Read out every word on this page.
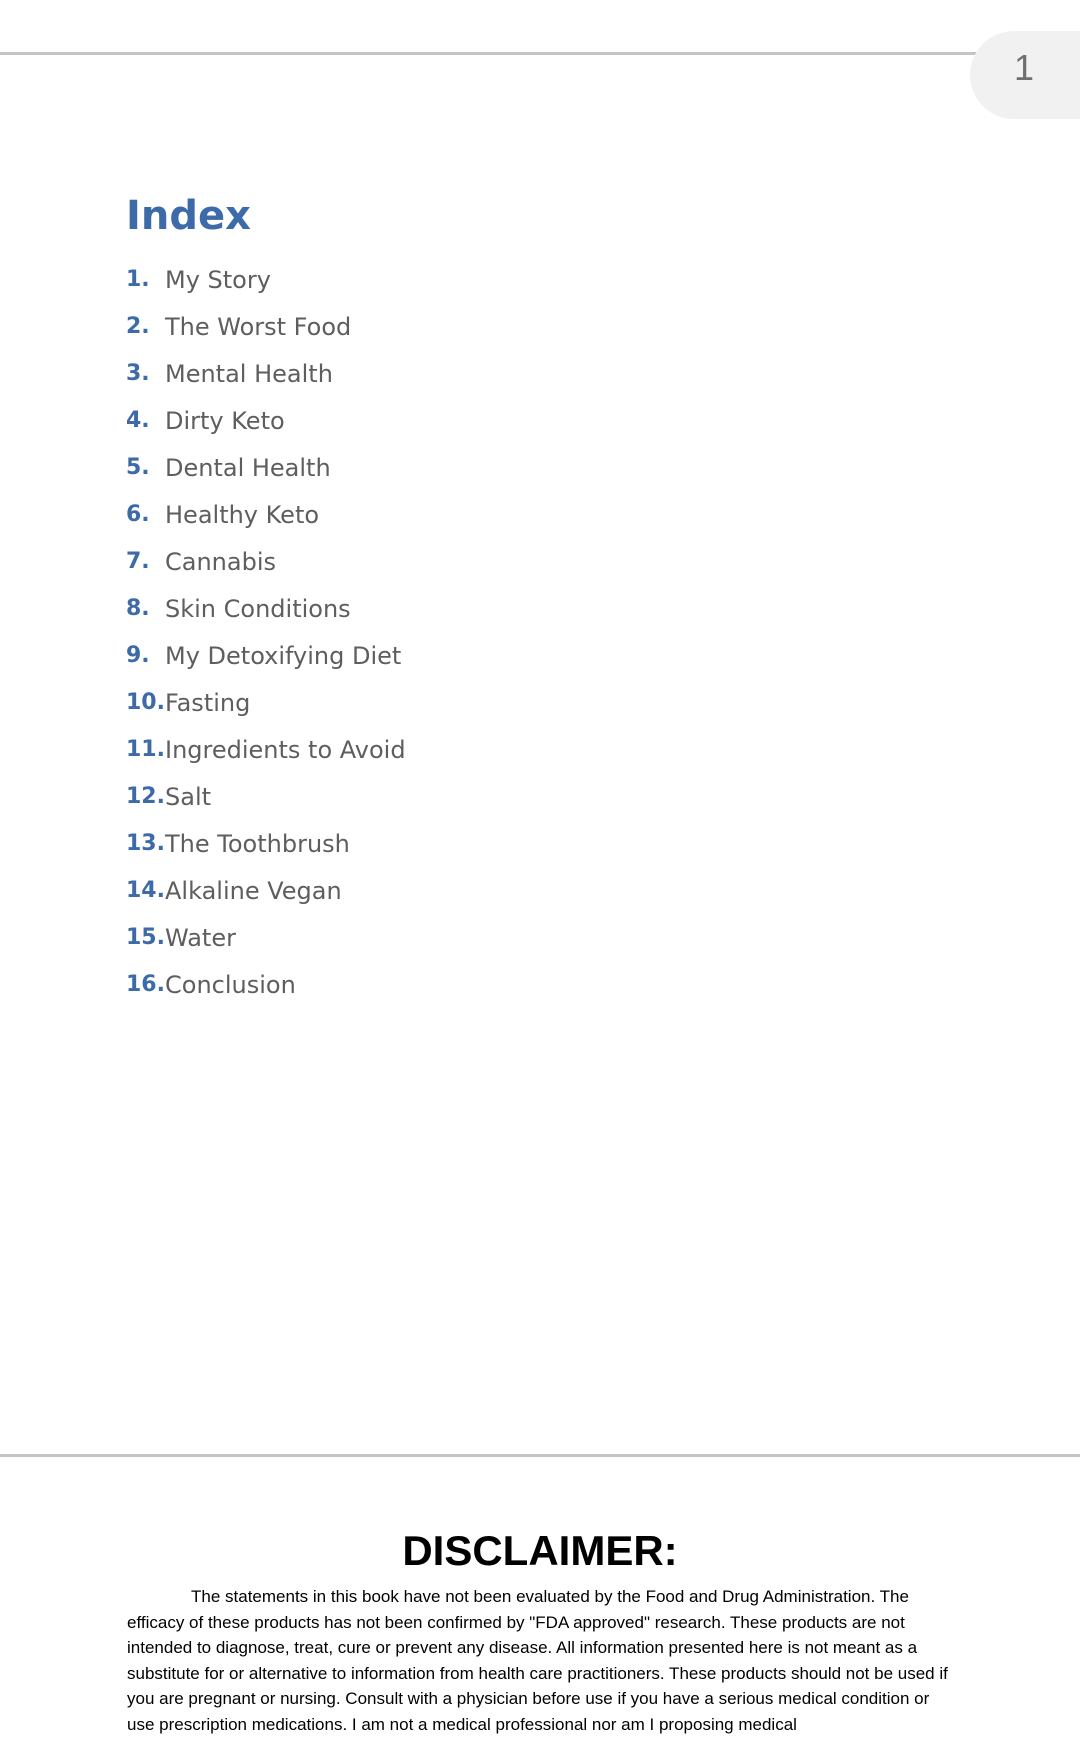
1
Index
1. My Story
2. The Worst Food
3. Mental Health
4. Dirty Keto
5. Dental Health
6. Healthy Keto
7. Cannabis
8. Skin Conditions
9. My Detoxifying Diet
10. Fasting
11. Ingredients to Avoid
12. Salt
13. The Toothbrush
14. Alkaline Vegan
15. Water
16. Conclusion
DISCLAIMER:

The statements in this book have not been evaluated by the Food and Drug Administration. The efficacy of these products has not been confirmed by "FDA approved" research. These products are not intended to diagnose, treat, cure or prevent any disease. All information presented here is not meant as a substitute for or alternative to information from health care practitioners. These products should not be used if you are pregnant or nursing. Consult with a physician before use if you have a serious medical condition or use prescription medications. I am not a medical professional nor am I proposing medical
